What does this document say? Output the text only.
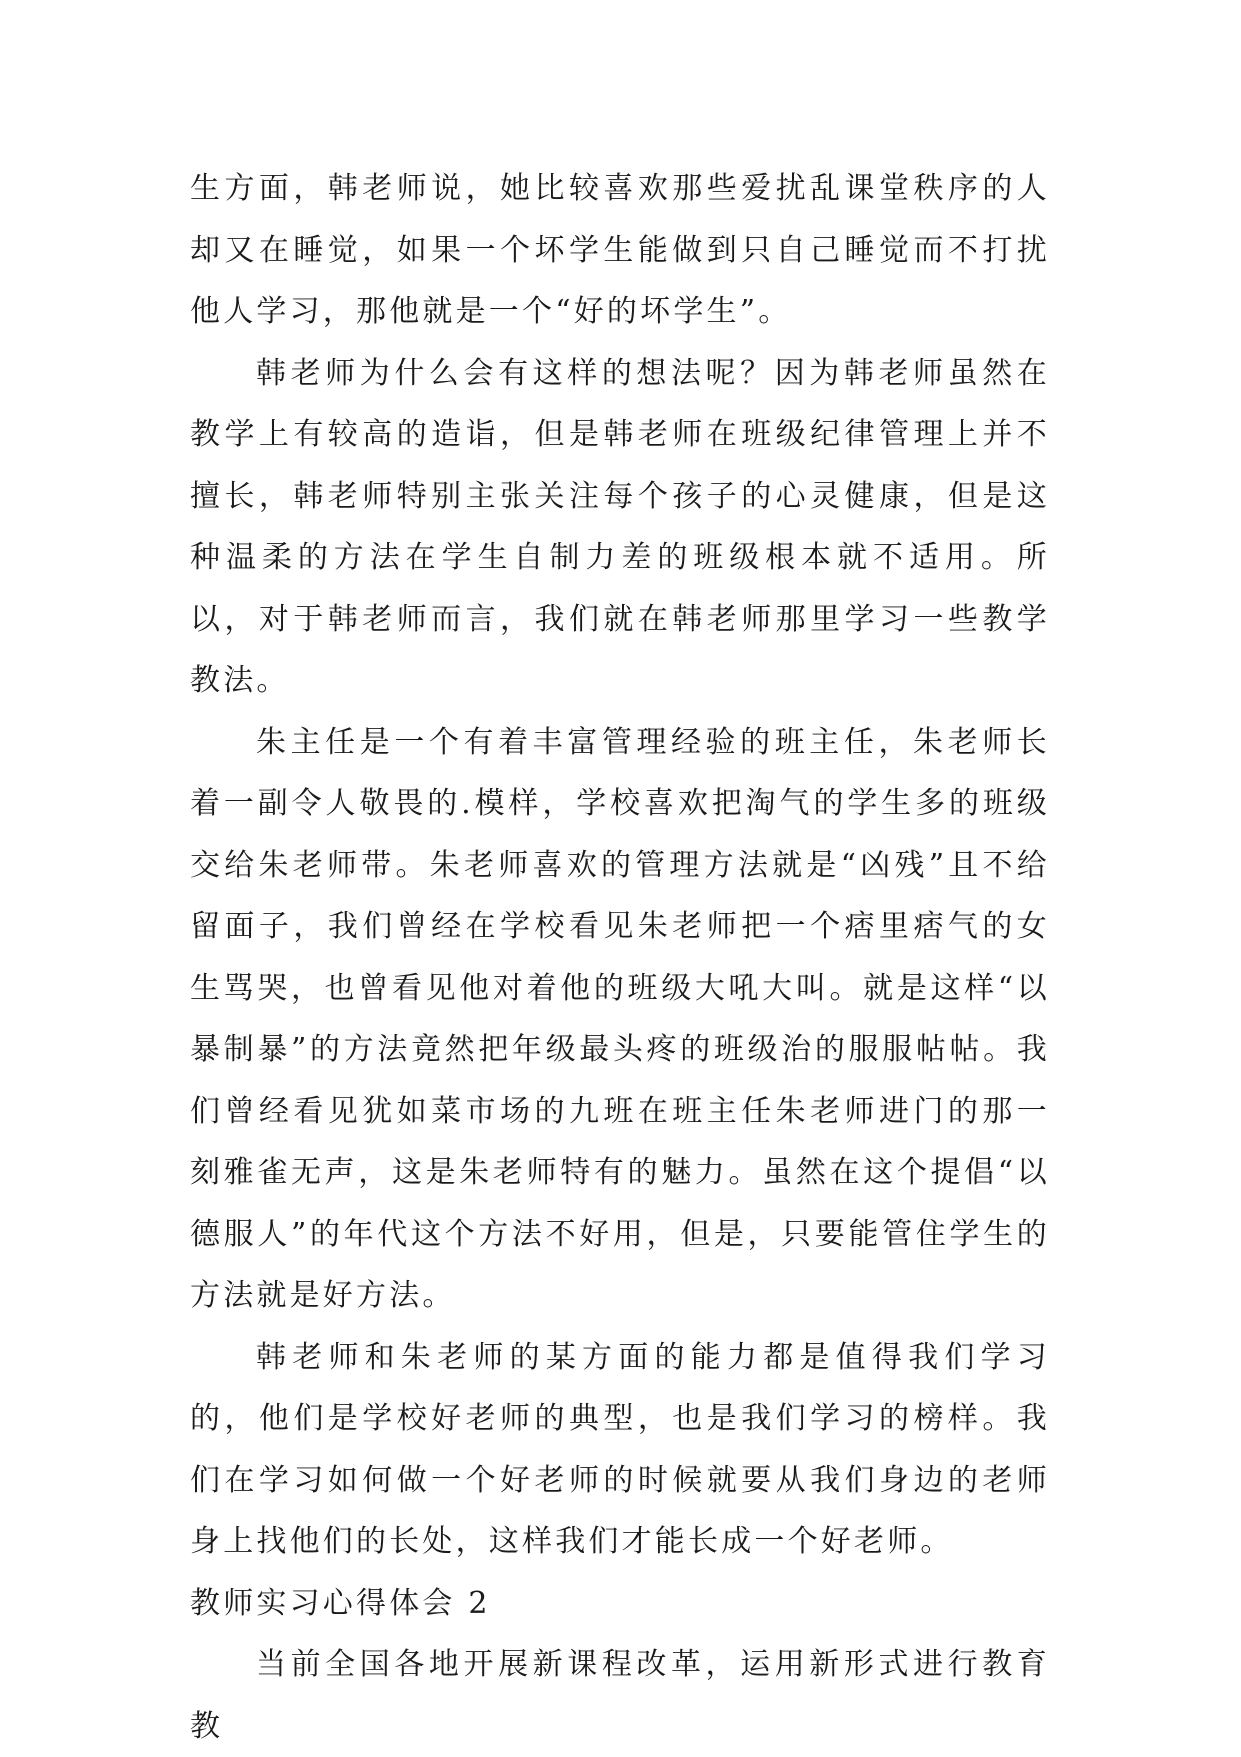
生方面，韩老师说，她比较喜欢那些爱扰乱课堂秩序的人却又在睡觉，如果一个坏学生能做到只自己睡觉而不打扰他人学习，那他就是一个“好的坏学生”。

韩老师为什么会有这样的想法呢？因为韩老师虽然在教学上有较高的造诣，但是韩老师在班级纪律管理上并不擅长，韩老师特别主张关注每个孩子的心灵健康，但是这种温柔的方法在学生自制力差的班级根本就不适用。所以，对于韩老师而言，我们就在韩老师那里学习一些教学教法。

朱主任是一个有着丰富管理经验的班主任，朱老师长着一副令人敬畏的.模样，学校喜欢把淘气的学生多的班级交给朱老师带。朱老师喜欢的管理方法就是“凶残”且不给留面子，我们曾经在学校看见朱老师把一个痞里痞气的女生骂哭，也曾看见他对着他的班级大吼大叫。就是这样“以暴制暴”的方法竟然把年级最头疼的班级治的服服帖帖。我们曾经看见犹如菜市场的九班在班主任朱老师进门的那一刻雅雀无声，这是朱老师特有的魅力。虽然在这个提倡“以德服人”的年代这个方法不好用，但是，只要能管住学生的方法就是好方法。

韩老师和朱老师的某方面的能力都是值得我们学习的，他们是学校好老师的典型，也是我们学习的榜样。我们在学习如何做一个好老师的时候就要从我们身边的老师身上找他们的长处，这样我们才能长成一个好老师。

教师实习心得体会 2

当前全国各地开展新课程改革，运用新形式进行教育教
